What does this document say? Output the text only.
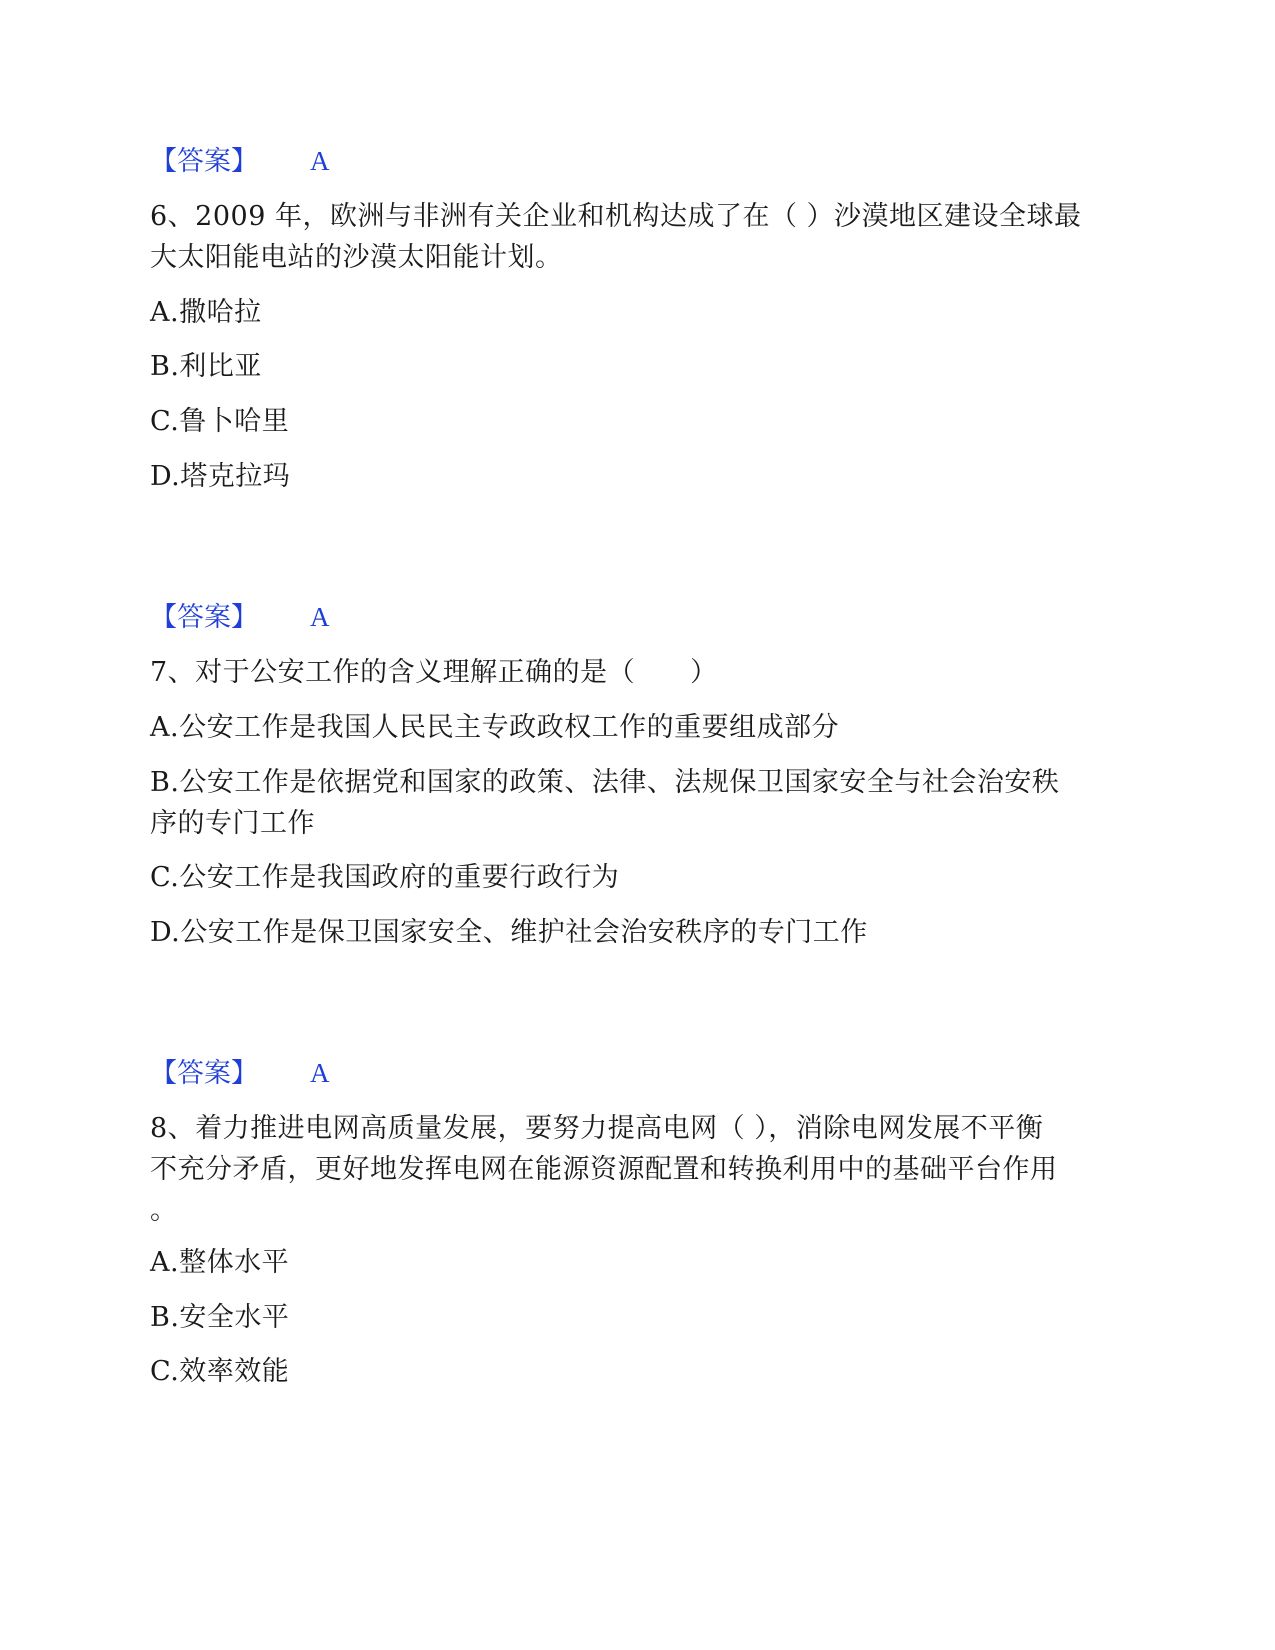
【答案】 A
6、2009 年，欧洲与非洲有关企业和机构达成了在（ ）沙漠地区建设全球最
大太阳能电站的沙漠太阳能计划。
A.撒哈拉
B.利比亚
C.鲁卜哈里
D.塔克拉玛
【答案】 A
7、对于公安工作的含义理解正确的是（　　）
A.公安工作是我国人民民主专政政权工作的重要组成部分
B.公安工作是依据党和国家的政策、法律、法规保卫国家安全与社会治安秩
序的专门工作
C.公安工作是我国政府的重要行政行为
D.公安工作是保卫国家安全、维护社会治安秩序的专门工作
【答案】 A
8、着力推进电网高质量发展，要努力提高电网（ ），消除电网发展不平衡
不充分矛盾，更好地发挥电网在能源资源配置和转换利用中的基础平台作用
。
A.整体水平
B.安全水平
C.效率效能
